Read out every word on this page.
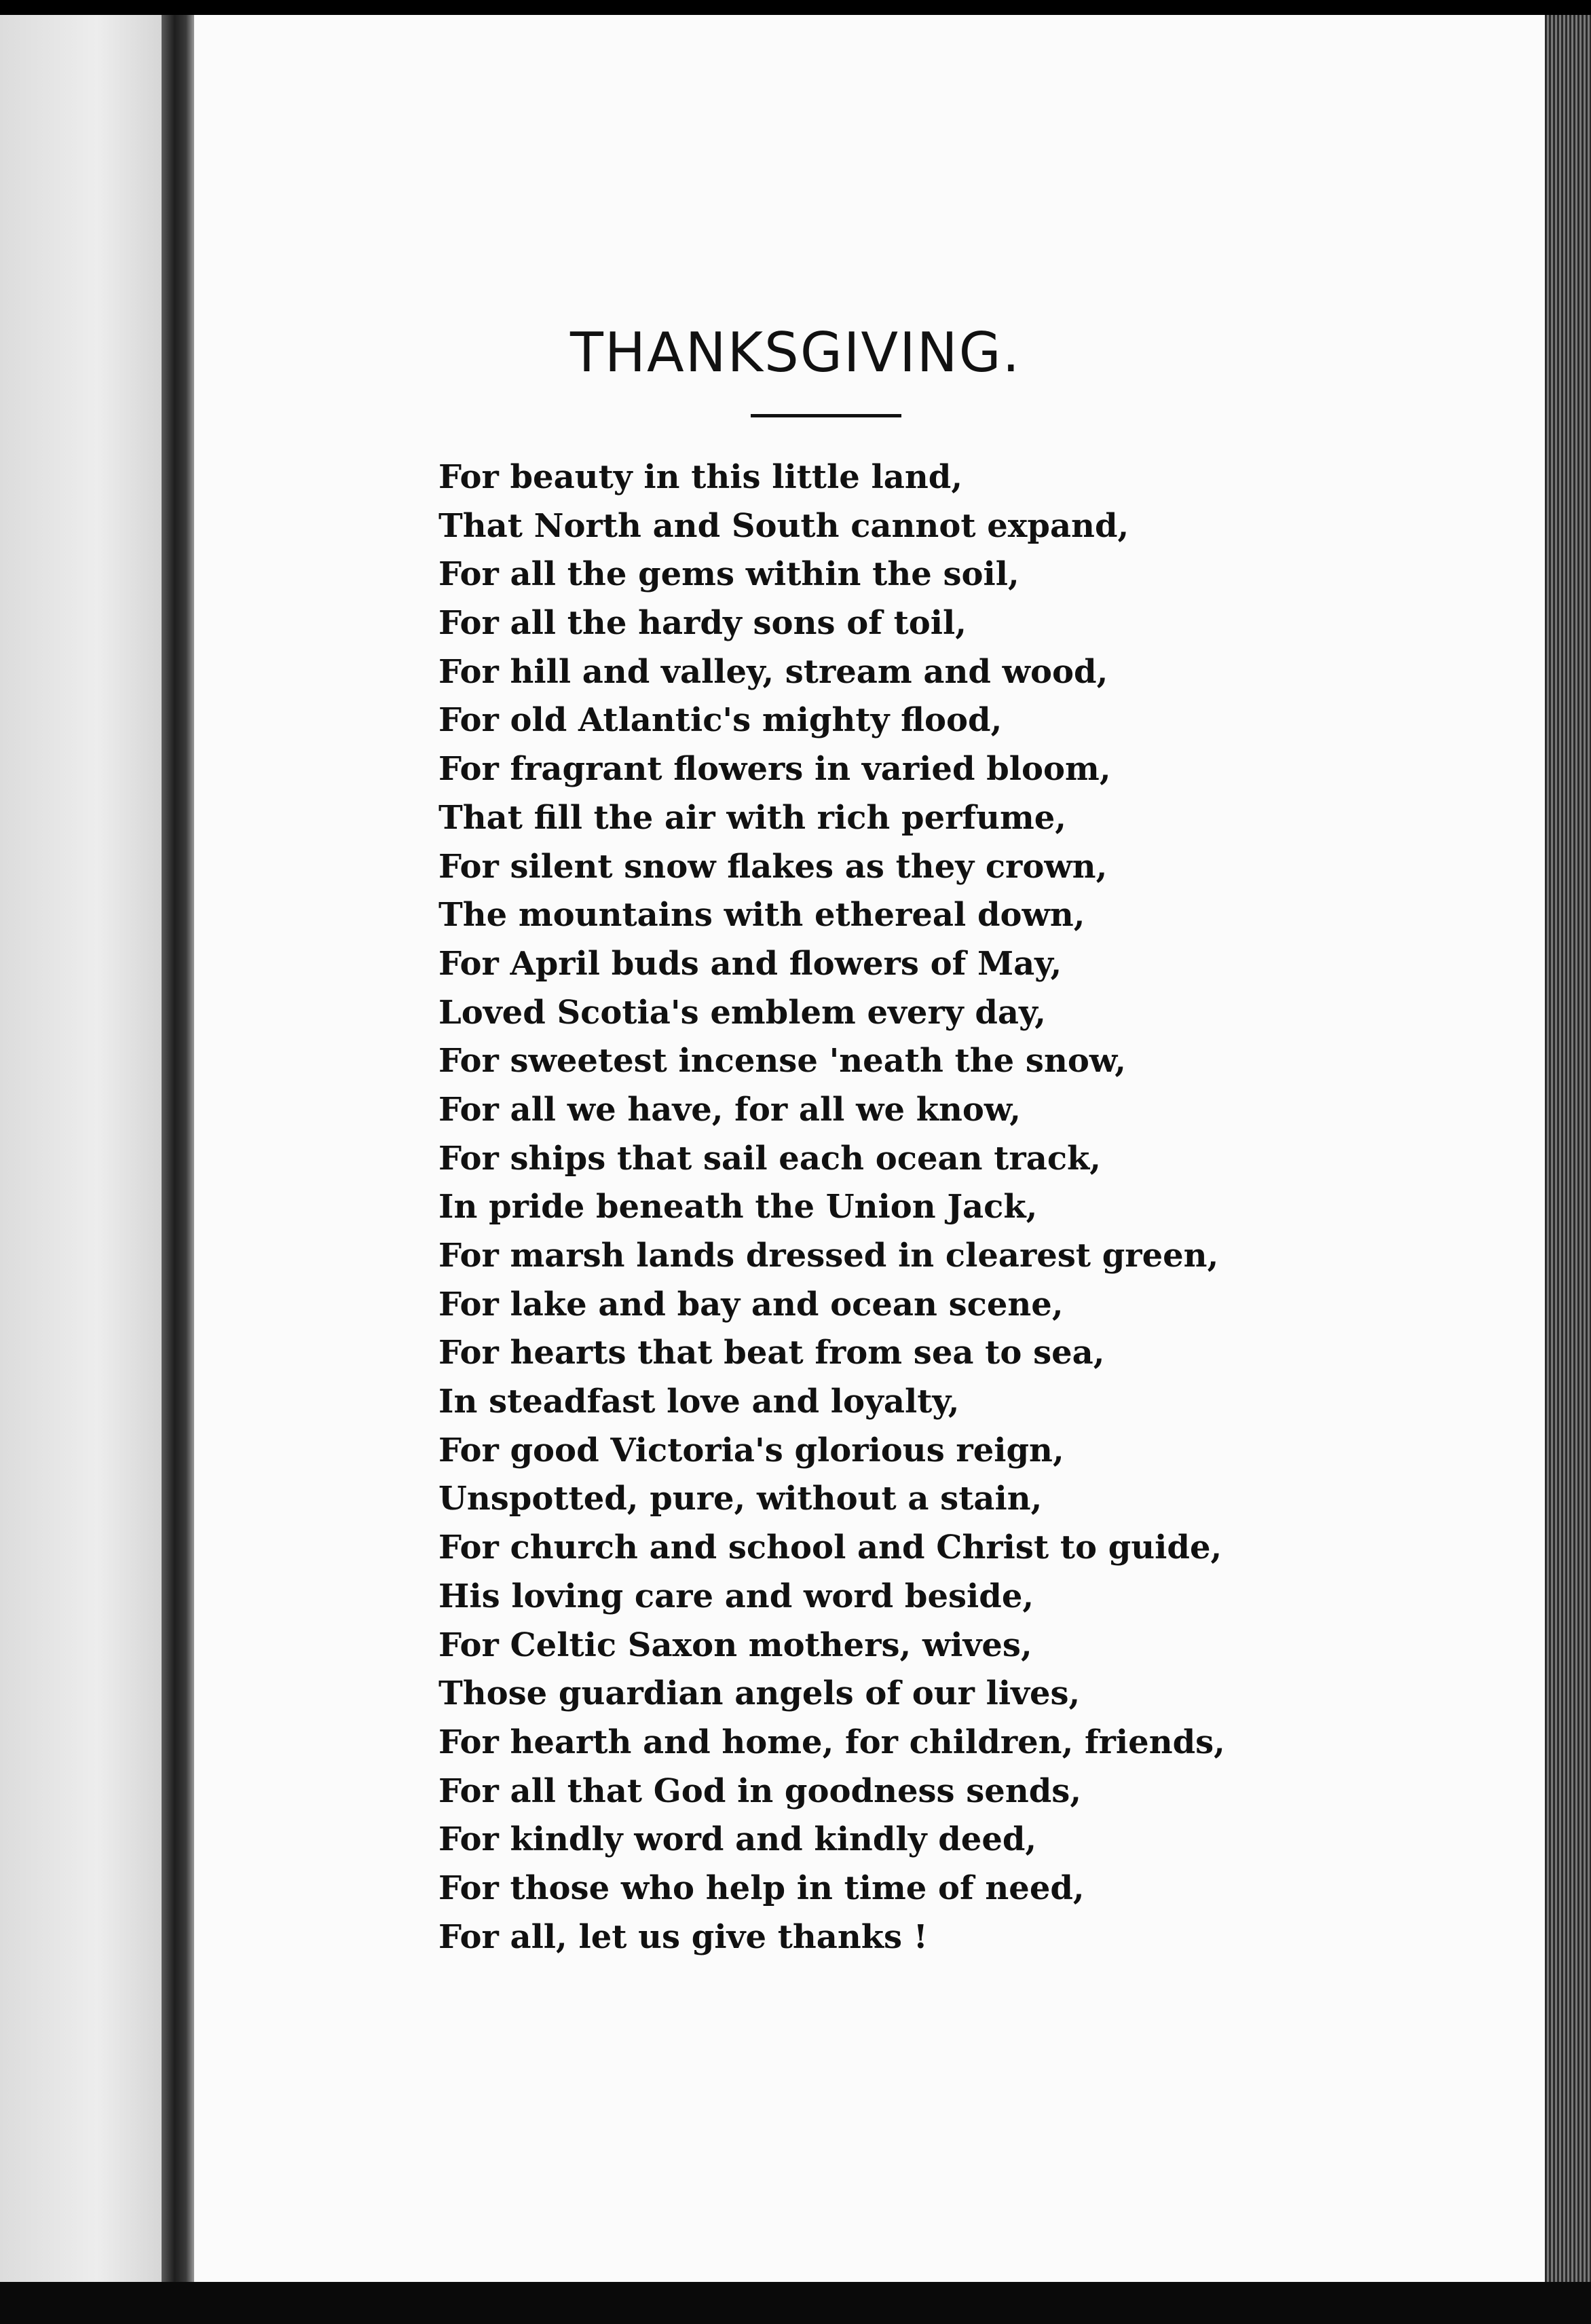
THANKSGIVING.
For beauty in this little land,
That North and South cannot expand,
For all the gems within the soil,
For all the hardy sons of toil,
For hill and valley, stream and wood,
For old Atlantic's mighty flood,
For fragrant flowers in varied bloom,
That fill the air with rich perfume,
For silent snow flakes as they crown,
The mountains with ethereal down,
For April buds and flowers of May,
Loved Scotia's emblem every day,
For sweetest incense 'neath the snow,
For all we have, for all we know,
For ships that sail each ocean track,
In pride beneath the Union Jack,
For marsh lands dressed in clearest green,
For lake and bay and ocean scene,
For hearts that beat from sea to sea,
In steadfast love and loyalty,
For good Victoria's glorious reign,
Unspotted, pure, without a stain,
For church and school and Christ to guide,
His loving care and word beside,
For Celtic Saxon mothers, wives,
Those guardian angels of our lives,
For hearth and home, for children, friends,
For all that God in goodness sends,
For kindly word and kindly deed,
For those who help in time of need,
For all, let us give thanks !
